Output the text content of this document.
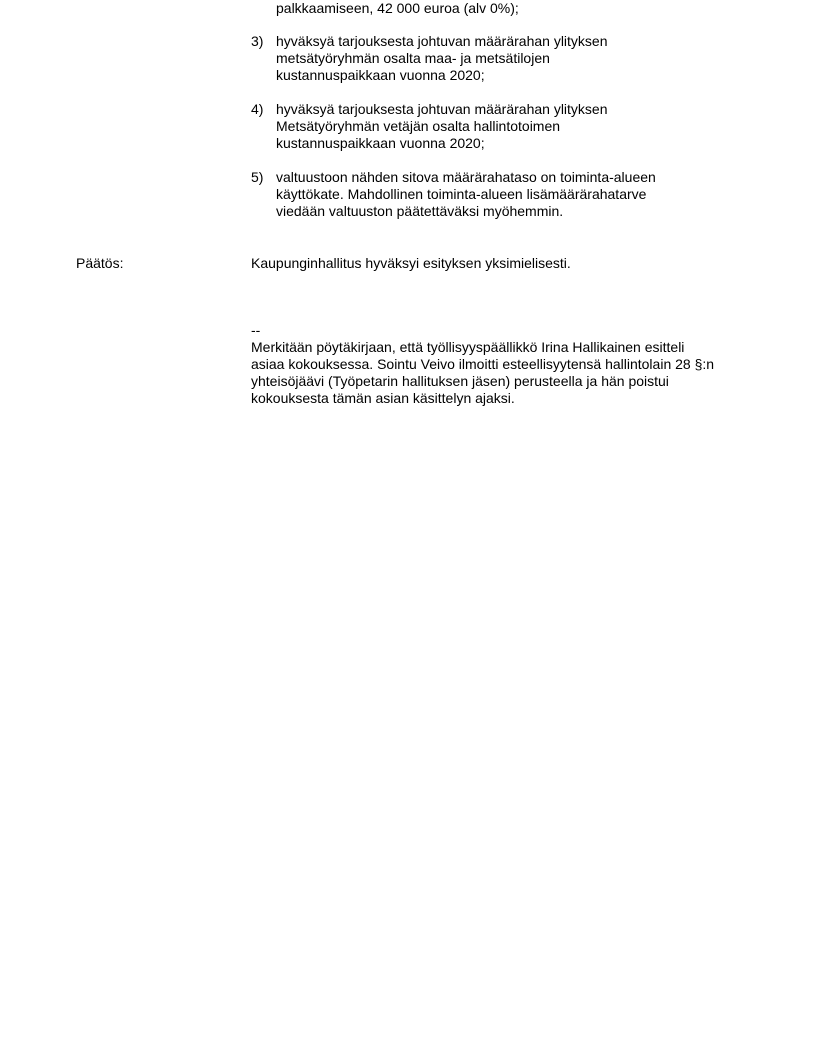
palkkaamiseen, 42 000 euroa (alv 0%);
3) hyväksyä tarjouksesta johtuvan määrärahan ylityksen
metsätyöryhmän osalta maa- ja metsätilojen
kustannuspaikkaan vuonna 2020;
4) hyväksyä tarjouksesta johtuvan määrärahan ylityksen
Metsätyöryhmän vetäjän osalta hallintotoimen
kustannuspaikkaan vuonna 2020;
5) valtuustoon nähden sitova määrärahataso on toiminta-alueen
käyttökate. Mahdollinen toiminta-alueen lisämäärärahatarve
viedään valtuuston päätettäväksi myöhemmin.
Päätös:	Kaupunginhallitus hyväksyi esityksen yksimielisesti.
--
Merkitään pöytäkirjaan, että työllisyyspäällikkö Irina Hallikainen esitteli
asiaa kokouksessa. Sointu Veivo ilmoitti esteellisyytensä hallintolain 28 §:n
yhteisöjäävi (Työpetarin hallituksen jäsen) perusteella ja hän poistui
kokouksesta tämän asian käsittelyn ajaksi.
